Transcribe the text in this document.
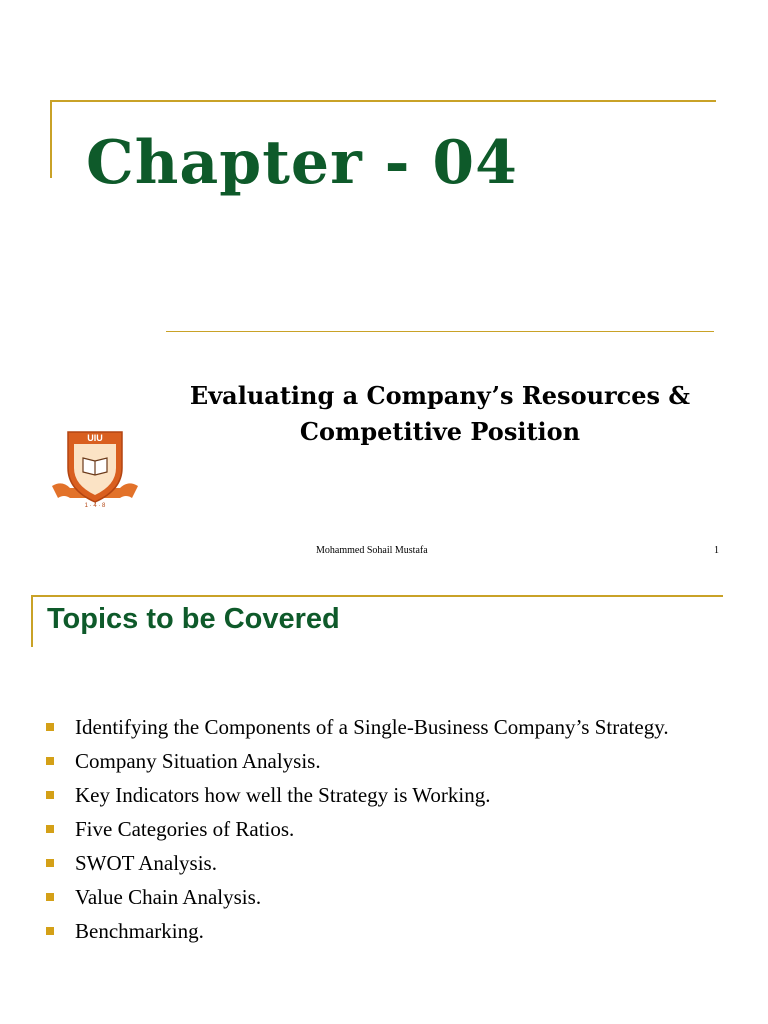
Chapter - 04

Evaluating a Company’s Resources &
Competitive Position

UIU
1 · 4 · 8
Mohammed Sohail Mustafa	1
Topics to be Covered
Identifying the Components of a Single-Business Company’s Strategy.
Company Situation Analysis.
Key Indicators how well the Strategy is Working.
Five Categories of Ratios.
SWOT Analysis.
Value Chain Analysis.
Benchmarking.
